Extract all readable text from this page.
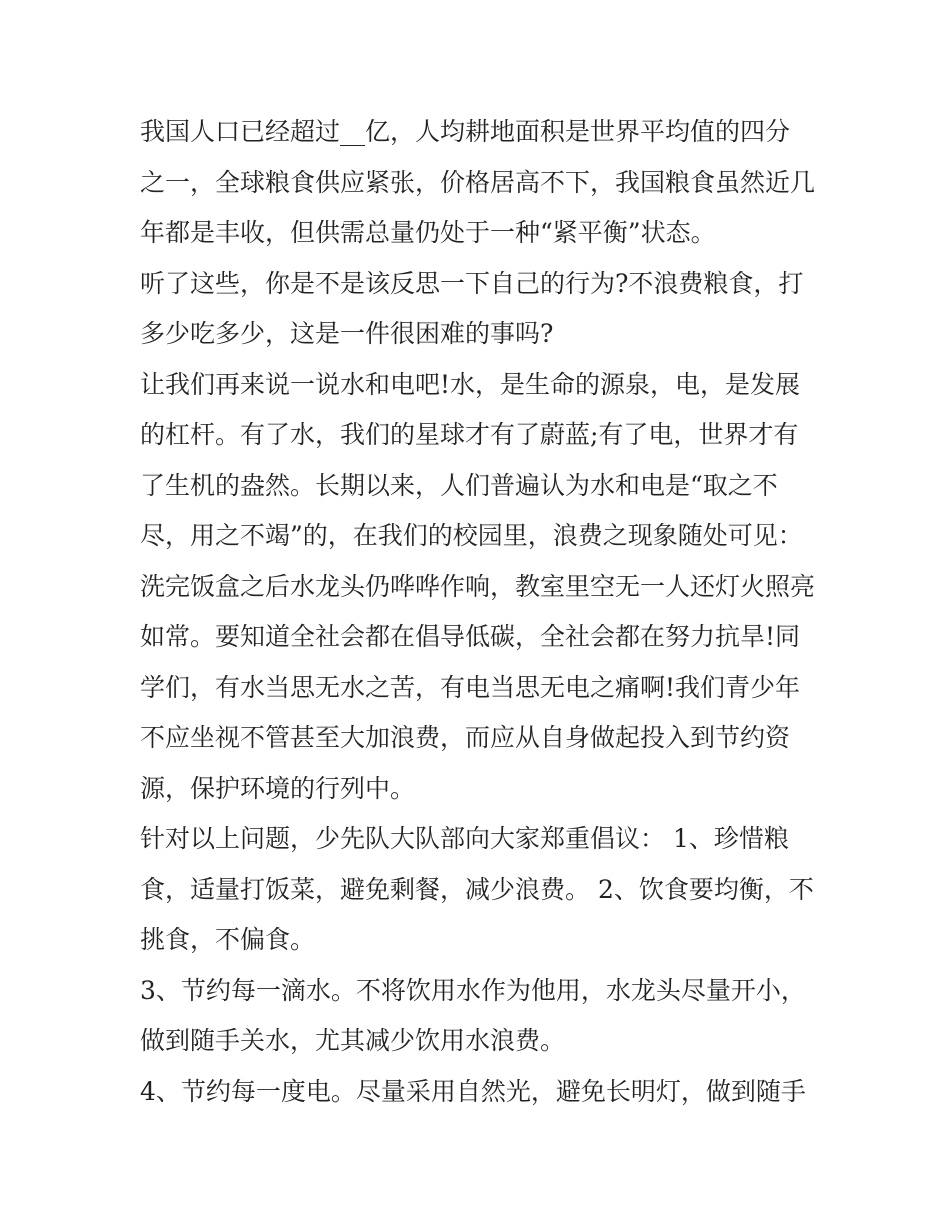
我国人口已经超过__亿，人均耕地面积是世界平均值的四分
之一，全球粮食供应紧张，价格居高不下，我国粮食虽然近几
年都是丰收，但供需总量仍处于一种“紧平衡”状态。
听了这些，你是不是该反思一下自己的行为?不浪费粮食，打
多少吃多少，这是一件很困难的事吗?
让我们再来说一说水和电吧!水，是生命的源泉，电，是发展
的杠杆。有了水，我们的星球才有了蔚蓝;有了电，世界才有
了生机的盎然。长期以来，人们普遍认为水和电是“取之不
尽，用之不竭”的，在我们的校园里，浪费之现象随处可见：
洗完饭盒之后水龙头仍哗哗作响，教室里空无一人还灯火照亮
如常。要知道全社会都在倡导低碳，全社会都在努力抗旱!同
学们，有水当思无水之苦，有电当思无电之痛啊!我们青少年
不应坐视不管甚至大加浪费，而应从自身做起投入到节约资
源，保护环境的行列中。
针对以上问题，少先队大队部向大家郑重倡议： 1、珍惜粮
食，适量打饭菜，避免剩餐，减少浪费。 2、饮食要均衡，不
挑食，不偏食。
3、节约每一滴水。不将饮用水作为他用，水龙头尽量开小，
做到随手关水，尤其减少饮用水浪费。
4、节约每一度电。尽量采用自然光，避免长明灯，做到随手
